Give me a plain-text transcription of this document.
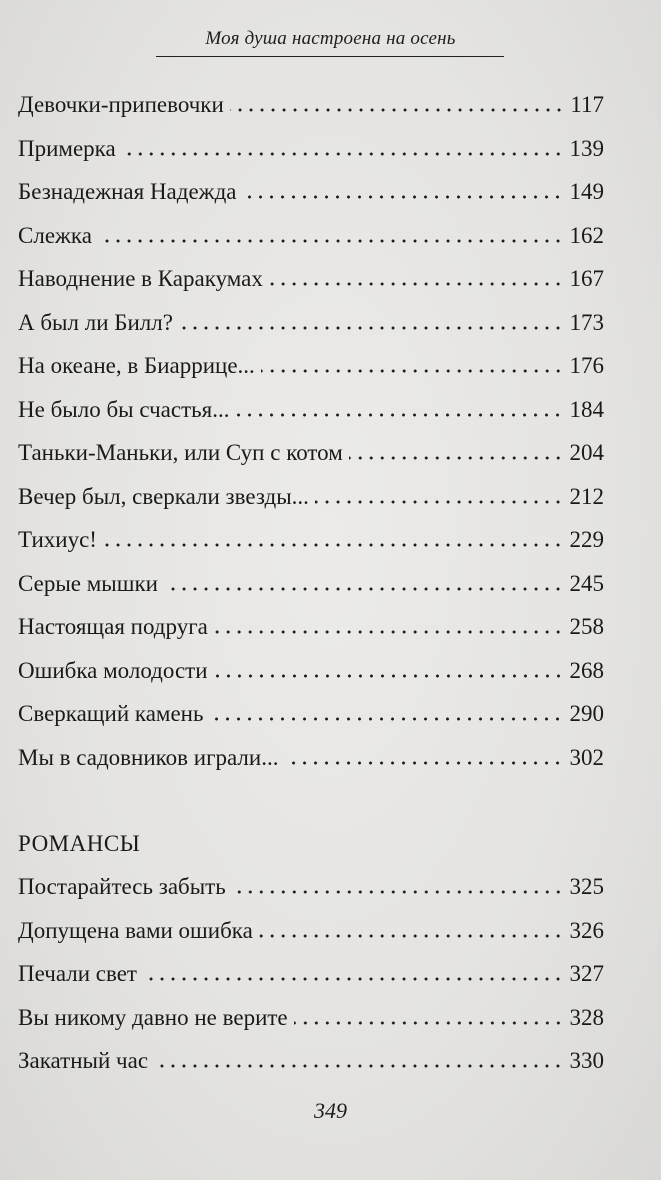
Моя душа настроена на осень
Девочки-припевочки	117
Примерка	139
Безнадежная Надежда	149
Слежка	162
Наводнение в Каракумах	167
А был ли Билл?	173
На океане, в Биаррице...	176
Не было бы счастья...	184
Таньки-Маньки, или Суп с котом	204
Вечер был, сверкали звезды...	212
Тихиус!	229
Серые мышки	245
Настоящая подруга	258
Ошибка молодости	268
Сверкащий камень	290
Мы в садовников играли...	302
РОМАНСЫ
Постарайтесь забыть	325
Допущена вами ошибка	326
Печали свет	327
Вы никому давно не верите	328
Закатный час	330
349
